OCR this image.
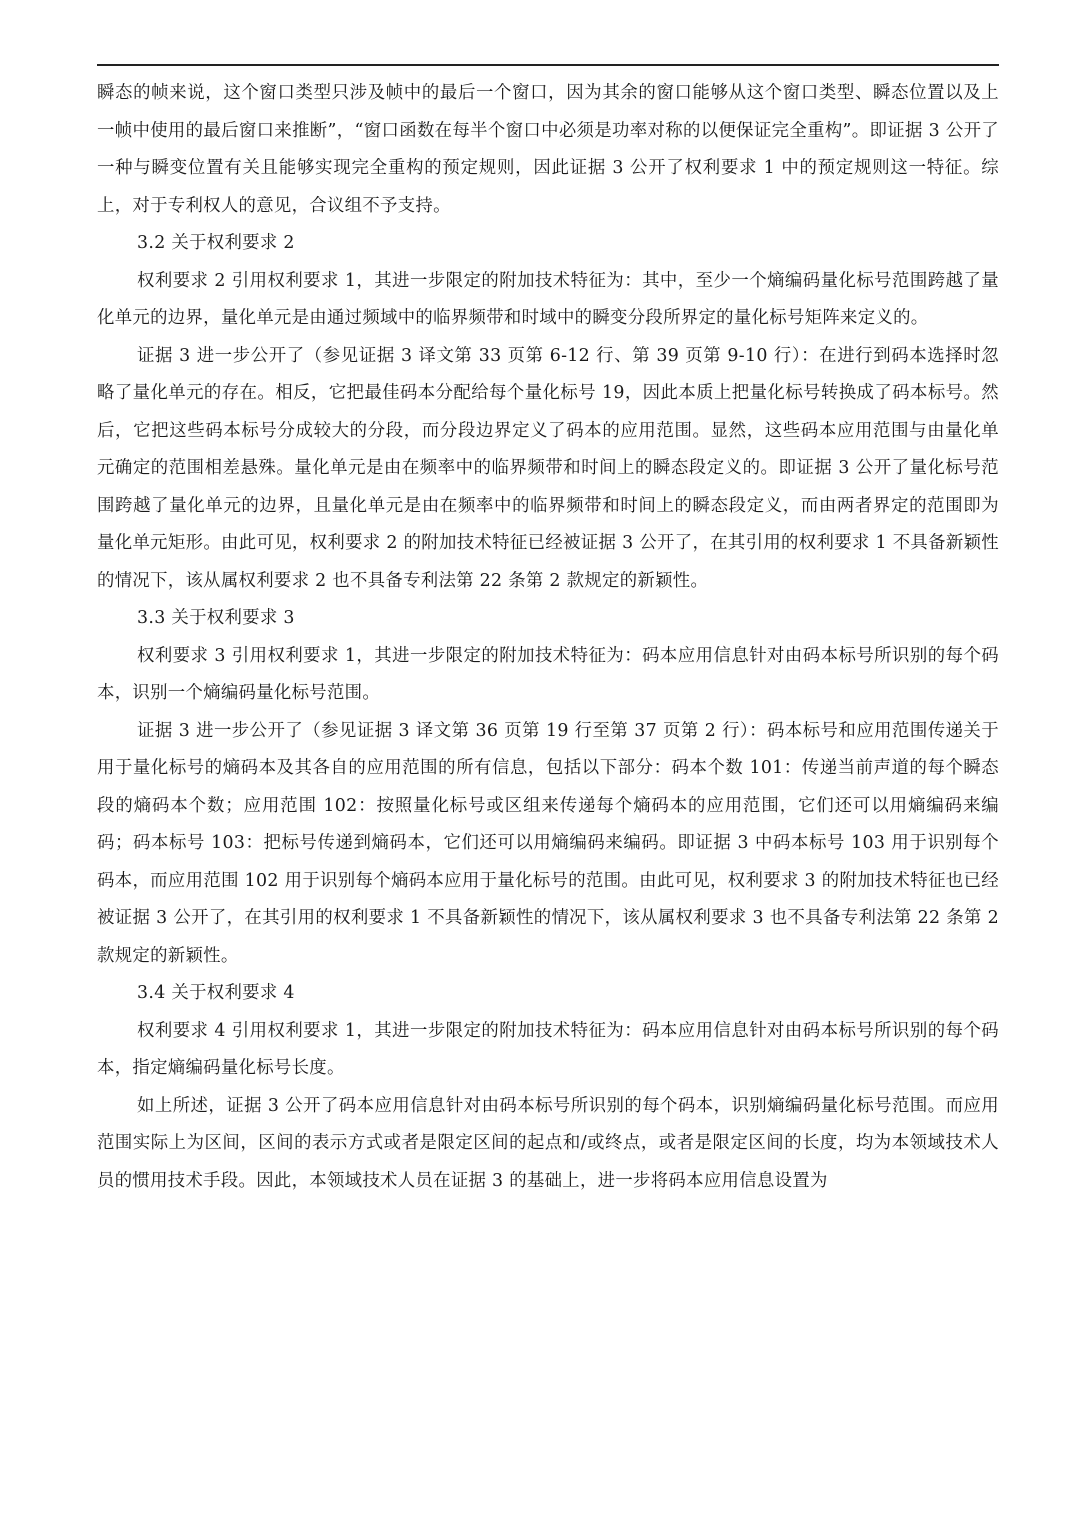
瞬态的帧来说，这个窗口类型只涉及帧中的最后一个窗口，因为其余的窗口能够从这个窗口类型、瞬态位置以及上一帧中使用的最后窗口来推断”，“窗口函数在每半个窗口中必须是功率对称的以便保证完全重构”。即证据 3 公开了一种与瞬变位置有关且能够实现完全重构的预定规则，因此证据 3 公开了权利要求 1 中的预定规则这一特征。综上，对于专利权人的意见，合议组不予支持。

3.2 关于权利要求 2

权利要求 2 引用权利要求 1，其进一步限定的附加技术特征为：其中，至少一个熵编码量化标号范围跨越了量化单元的边界，量化单元是由通过频域中的临界频带和时域中的瞬变分段所界定的量化标号矩阵来定义的。

证据 3 进一步公开了（参见证据 3 译文第 33 页第 6-12 行、第 39 页第 9-10 行）：在进行到码本选择时忽略了量化单元的存在。相反，它把最佳码本分配给每个量化标号 19，因此本质上把量化标号转换成了码本标号。然后，它把这些码本标号分成较大的分段，而分段边界定义了码本的应用范围。显然，这些码本应用范围与由量化单元确定的范围相差悬殊。量化单元是由在频率中的临界频带和时间上的瞬态段定义的。即证据 3 公开了量化标号范围跨越了量化单元的边界，且量化单元是由在频率中的临界频带和时间上的瞬态段定义，而由两者界定的范围即为量化单元矩形。由此可见，权利要求 2 的附加技术特征已经被证据 3 公开了，在其引用的权利要求 1 不具备新颖性的情况下，该从属权利要求 2 也不具备专利法第 22 条第 2 款规定的新颖性。

3.3 关于权利要求 3

权利要求 3 引用权利要求 1，其进一步限定的附加技术特征为：码本应用信息针对由码本标号所识别的每个码本，识别一个熵编码量化标号范围。

证据 3 进一步公开了（参见证据 3 译文第 36 页第 19 行至第 37 页第 2 行）：码本标号和应用范围传递关于用于量化标号的熵码本及其各自的应用范围的所有信息，包括以下部分：码本个数 101：传递当前声道的每个瞬态段的熵码本个数；应用范围 102：按照量化标号或区组来传递每个熵码本的应用范围，它们还可以用熵编码来编码；码本标号 103：把标号传递到熵码本，它们还可以用熵编码来编码。即证据 3 中码本标号 103 用于识别每个码本，而应用范围 102 用于识别每个熵码本应用于量化标号的范围。由此可见，权利要求 3 的附加技术特征也已经被证据 3 公开了，在其引用的权利要求 1 不具备新颖性的情况下，该从属权利要求 3 也不具备专利法第 22 条第 2 款规定的新颖性。

3.4 关于权利要求 4

权利要求 4 引用权利要求 1，其进一步限定的附加技术特征为：码本应用信息针对由码本标号所识别的每个码本，指定熵编码量化标号长度。

如上所述，证据 3 公开了码本应用信息针对由码本标号所识别的每个码本，识别熵编码量化标号范围。而应用范围实际上为区间，区间的表示方式或者是限定区间的起点和/或终点，或者是限定区间的长度，均为本领域技术人员的惯用技术手段。因此，本领域技术人员在证据 3 的基础上，进一步将码本应用信息设置为
